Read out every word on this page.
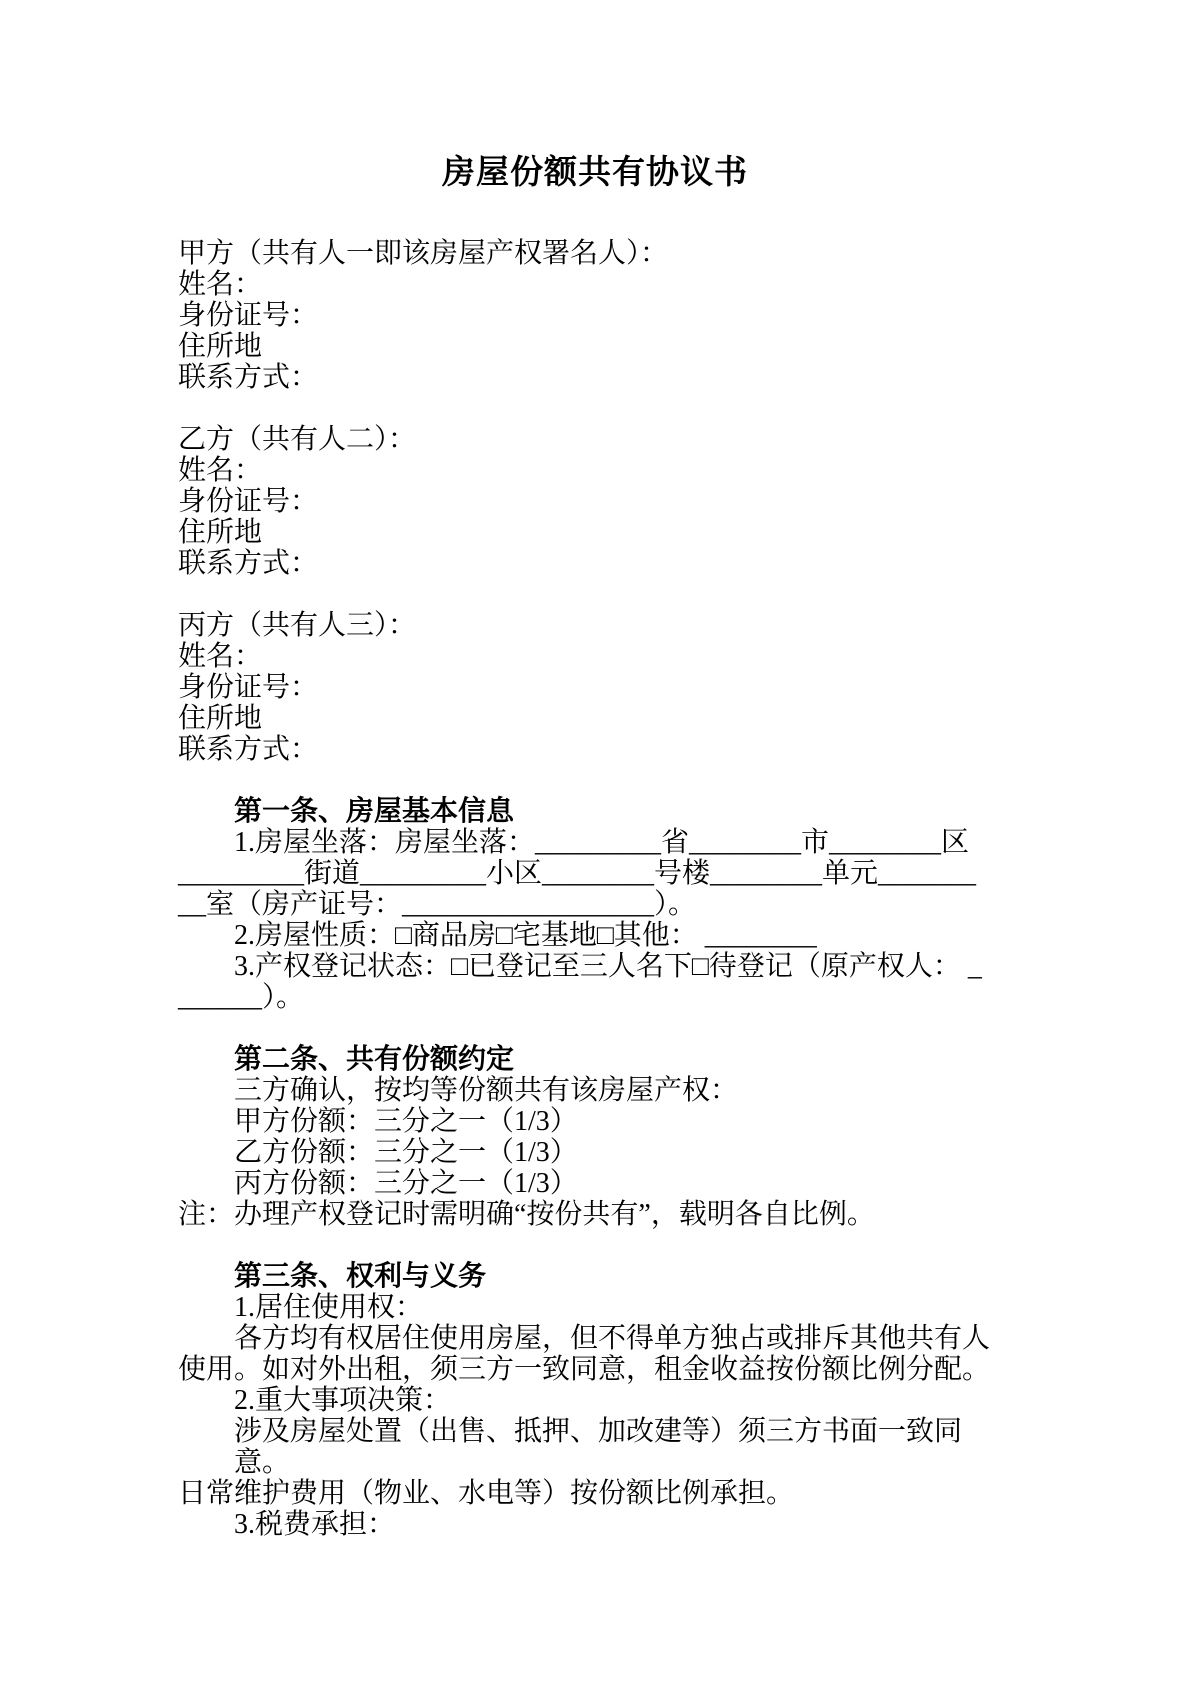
房屋份额共有协议书
甲方（共有人一即该房屋产权署名人）：
姓名：
身份证号：
住所地
联系方式：
乙方（共有人二）：
姓名：
身份证号：
住所地
联系方式：
丙方（共有人三）：
姓名：
身份证号：
住所地
联系方式：
第一条、房屋基本信息
1.房屋坐落：房屋坐落：_________省________市________区
_________街道_________小区________号楼________单元_______
__室（房产证号：__________________）。
2.房屋性质：□商品房□宅基地□其他： ________
3.产权登记状态：□已登记至三人名下□待登记（原产权人： _
______）。
第二条、共有份额约定
三方确认，按均等份额共有该房屋产权：
甲方份额：三分之一（1/3）
乙方份额：三分之一（1/3）
丙方份额：三分之一（1/3）
注：办理产权登记时需明确“按份共有”，载明各自比例。
第三条、权利与义务
1.居住使用权：
各方均有权居住使用房屋，但不得单方独占或排斥其他共有人
使用。如对外出租，须三方一致同意，租金收益按份额比例分配。
2.重大事项决策：
涉及房屋处置（出售、抵押、加改建等）须三方书面一致同意。
日常维护费用（物业、水电等）按份额比例承担。
3.税费承担：
